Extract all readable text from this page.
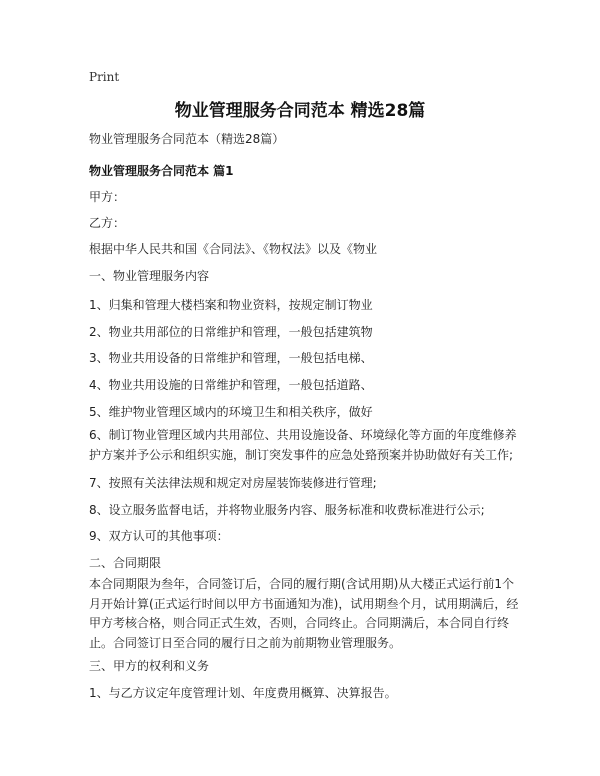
Print
物业管理服务合同范本 精选28篇
物业管理服务合同范本（精选28篇）
物业管理服务合同范本 篇1
甲方：
乙方：
根据中华人民共和国《合同法》、《物权法》以及《物业
一、物业管理服务内容
1、归集和管理大楼档案和物业资料，按规定制订物业
2、物业共用部位的日常维护和管理，一般包括建筑物
3、物业共用设备的日常维护和管理，一般包括电梯、
4、物业共用设施的日常维护和管理，一般包括道路、
5、维护物业管理区域内的环境卫生和相关秩序，做好
6、制订物业管理区域内共用部位、共用设施设备、环境绿化等方面的年度维修养护方案并予公示和组织实施，制订突发事件的应急处臵预案并协助做好有关工作;
7、按照有关法律法规和规定对房屋装饰装修进行管理;
8、设立服务监督电话，并将物业服务内容、服务标准和收费标准进行公示;
9、双方认可的其他事项：
二、合同期限
本合同期限为叁年，合同签订后，合同的履行期(含试用期)从大楼正式运行前1个月开始计算(正式运行时间以甲方书面通知为准)，试用期叁个月，试用期满后，经甲方考核合格，则合同正式生效，否则，合同终止。合同期满后，本合同自行终止。合同签订日至合同的履行日之前为前期物业管理服务。
三、甲方的权利和义务
1、与乙方议定年度管理计划、年度费用概算、决算报告。
